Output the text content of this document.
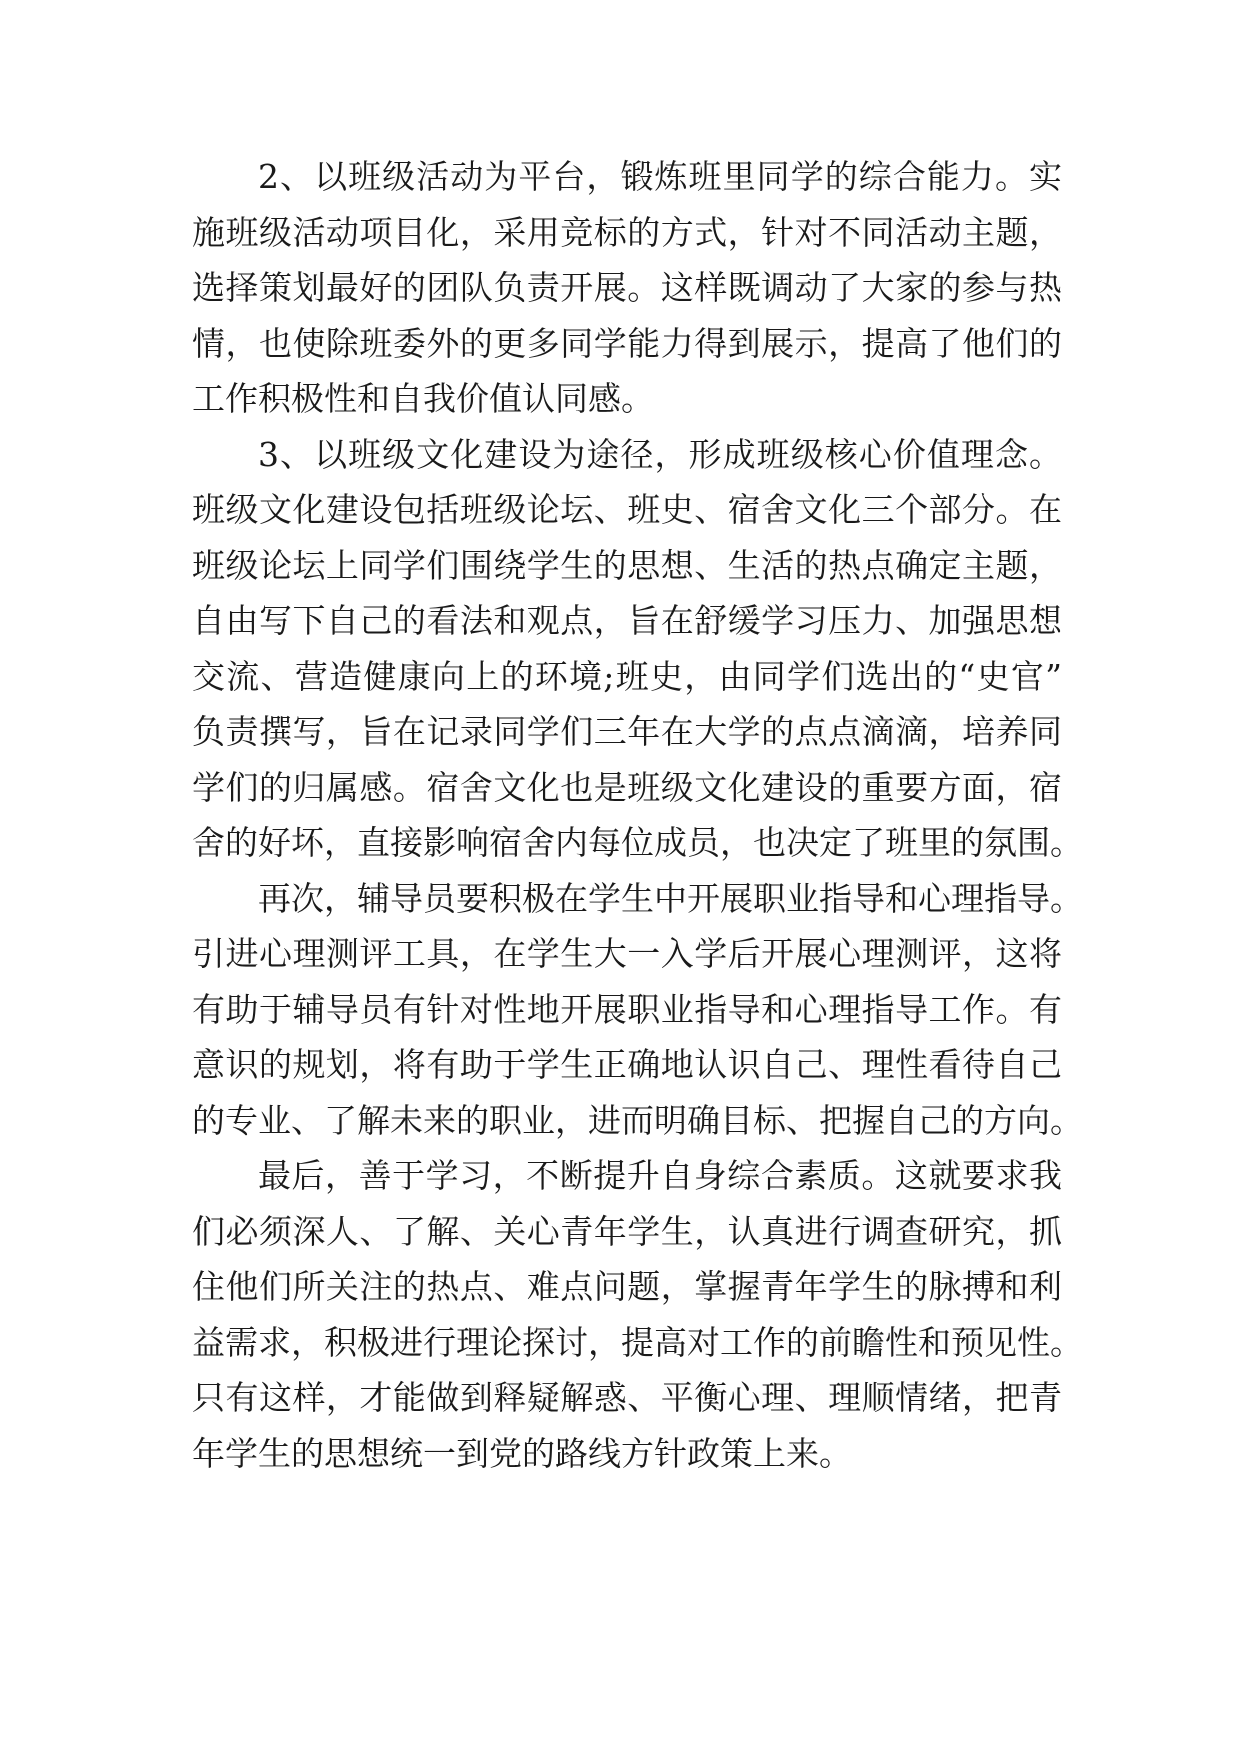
2、以班级活动为平台，锻炼班里同学的综合能力。实

施班级活动项目化，采用竞标的方式，针对不同活动主题，

选择策划最好的团队负责开展。这样既调动了大家的参与热

情，也使除班委外的更多同学能力得到展示，提高了他们的

工作积极性和自我价值认同感。

3、以班级文化建设为途径，形成班级核心价值理念。

班级文化建设包括班级论坛、班史、宿舍文化三个部分。在

班级论坛上同学们围绕学生的思想、生活的热点确定主题，

自由写下自己的看法和观点，旨在舒缓学习压力、加强思想

交流、营造健康向上的环境;班史，由同学们选出的“史官”

负责撰写，旨在记录同学们三年在大学的点点滴滴，培养同

学们的归属感。宿舍文化也是班级文化建设的重要方面，宿

舍的好坏，直接影响宿舍内每位成员，也决定了班里的氛围。

再次，辅导员要积极在学生中开展职业指导和心理指导。

引进心理测评工具，在学生大一入学后开展心理测评，这将

有助于辅导员有针对性地开展职业指导和心理指导工作。有

意识的规划，将有助于学生正确地认识自己、理性看待自己

的专业、了解未来的职业，进而明确目标、把握自己的方向。

最后，善于学习，不断提升自身综合素质。这就要求我

们必须深人、了解、关心青年学生，认真进行调查研究，抓

住他们所关注的热点、难点问题，掌握青年学生的脉搏和利

益需求，积极进行理论探讨，提高对工作的前瞻性和预见性。

只有这样，才能做到释疑解惑、平衡心理、理顺情绪，把青

年学生的思想统一到党的路线方针政策上来。
